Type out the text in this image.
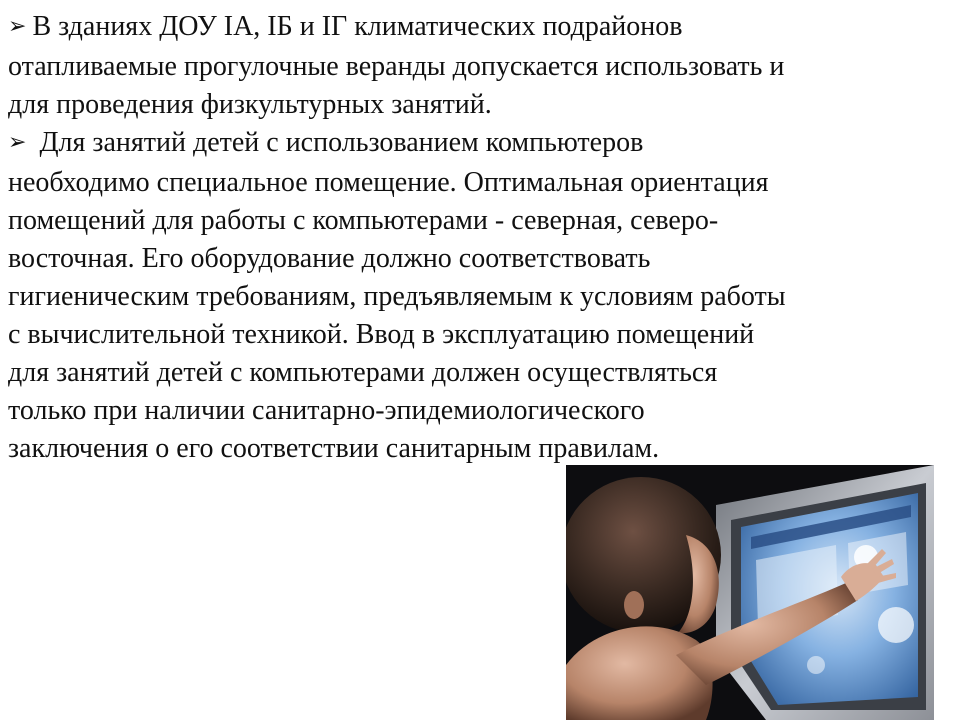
➢ В зданиях ДОУ IА, IБ и IГ климатических подрайонов
отапливаемые прогулочные веранды допускается использовать и
для проведения физкультурных занятий.

➢ Для занятий детей с использованием компьютеров
необходимо специальное помещение. Оптимальная ориентация
помещений для работы с компьютерами - северная, северо-
восточная. Его оборудование должно соответствовать
гигиеническим требованиям, предъявляемым к условиям работы
с вычислительной техникой. Ввод в эксплуатацию помещений
для занятий детей с компьютерами должен осуществляться
только при наличии санитарно-эпидемиологического
заключения о его соответствии санитарным правилам.
